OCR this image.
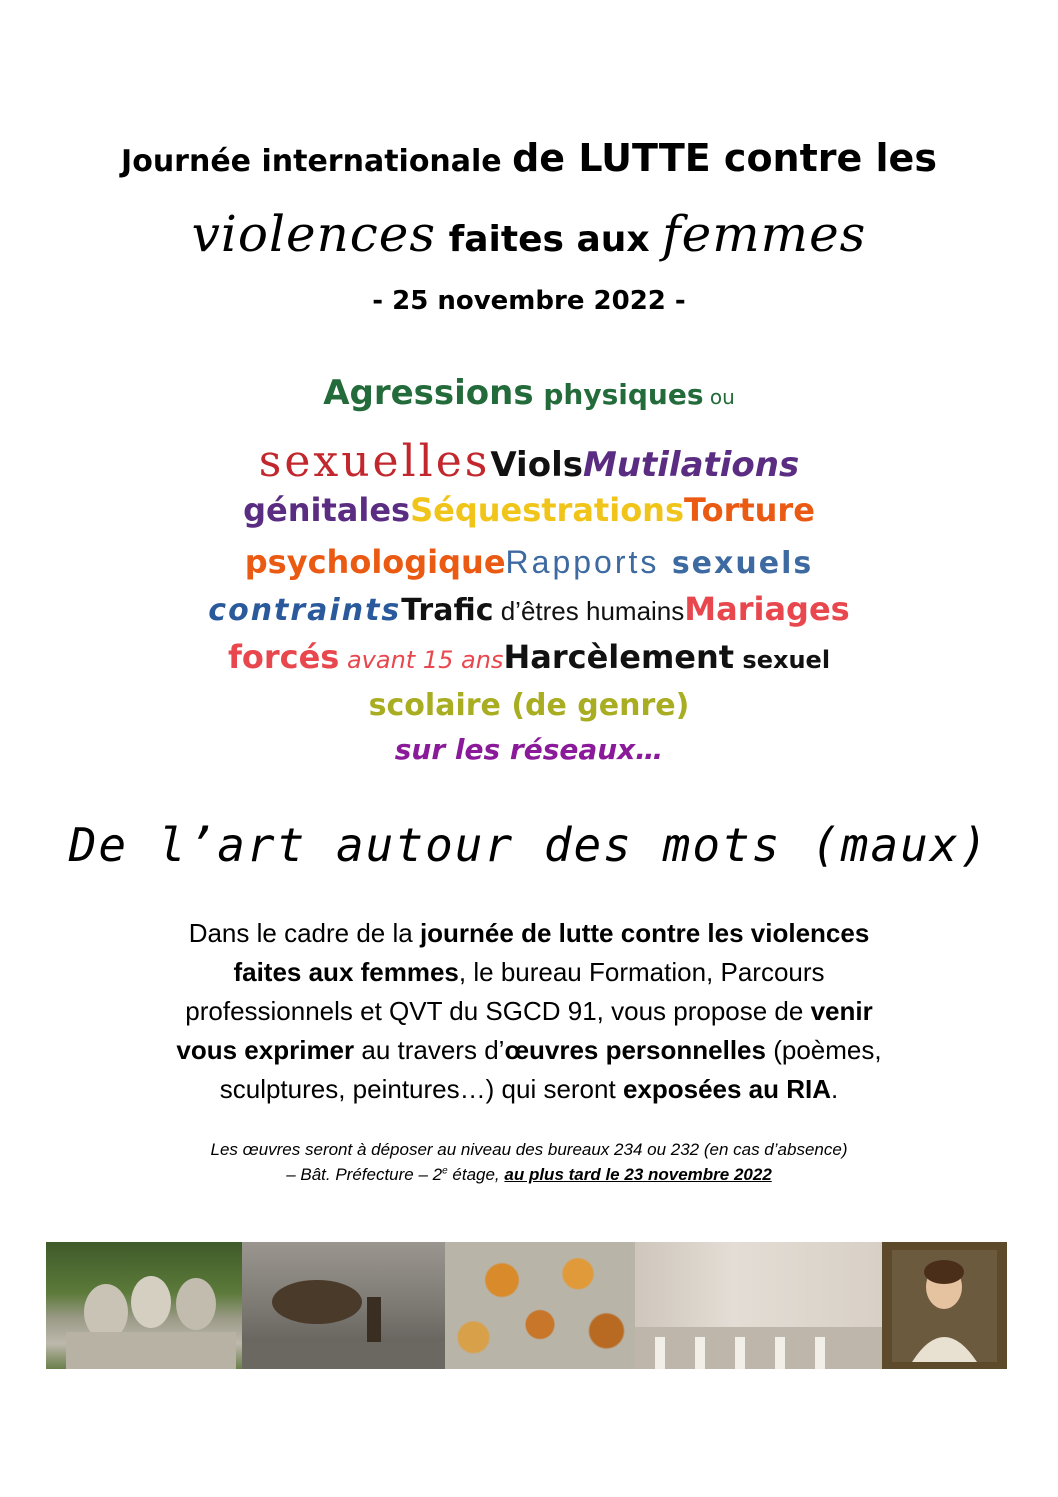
Journée internationale de LUTTE contre les
violences faites aux femmes
- 25 novembre 2022 -
Agressions physiques ou
sexuellesViolsMutilations
génitalesSéquestrationsTorture
psychologiqueRapports sexuels
contraintsTrafic d’êtres humainsMariages
forcés avant 15 ansHarcèlement sexuel
scolaire (de genre)
sur les réseaux…
De l’art autour des mots (maux)
Dans le cadre de la journée de lutte contre les violences
faites aux femmes, le bureau Formation, Parcours
professionnels et QVT du SGCD 91, vous propose de venir
vous exprimer au travers d’œuvres personnelles (poèmes,
sculptures, peintures…) qui seront exposées au RIA.
Les œuvres seront à déposer au niveau des bureaux 234 ou 232 (en cas d’absence)
– Bât. Préfecture – 2e étage, au plus tard le 23 novembre 2022
